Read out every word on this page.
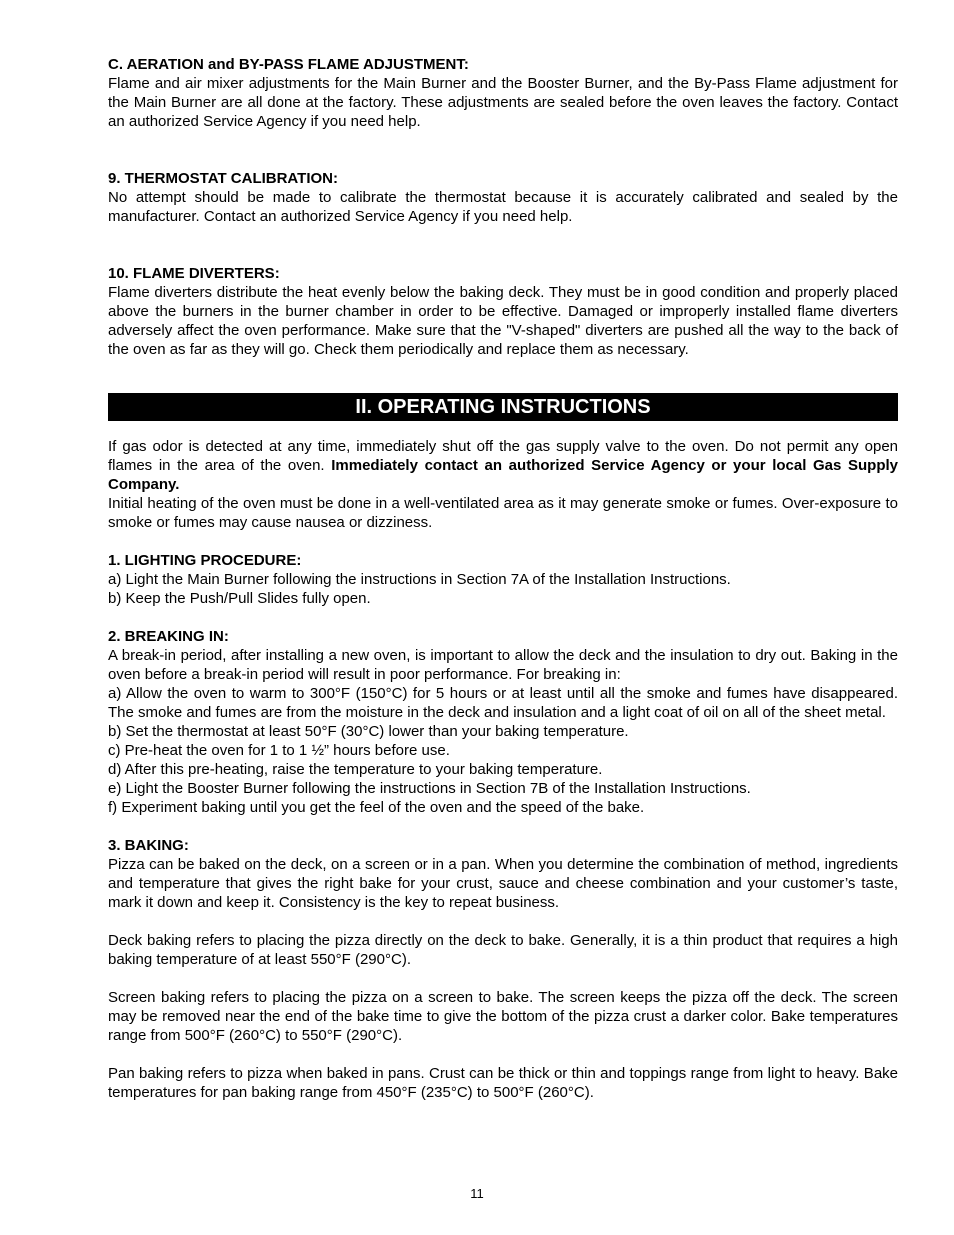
C. AERATION and BY-PASS FLAME ADJUSTMENT:

Flame and air mixer adjustments for the Main Burner and the Booster Burner, and the By-Pass Flame adjustment for the Main Burner are all done at the factory. These adjustments are sealed before the oven leaves the factory. Contact an authorized Service Agency if you need help.

9. THERMOSTAT CALIBRATION:

No attempt should be made to calibrate the thermostat because it is accurately calibrated and sealed by the manufacturer. Contact an authorized Service Agency if you need help.

10. FLAME DIVERTERS:

Flame diverters distribute the heat evenly below the baking deck. They must be in good condition and properly placed above the burners in the burner chamber in order to be effective. Damaged or improperly installed flame diverters adversely affect the oven performance. Make sure that the "V-shaped" diverters are pushed all the way to the back of the oven as far as they will go. Check them periodically and replace them as necessary.

II. OPERATING INSTRUCTIONS

If gas odor is detected at any time, immediately shut off the gas supply valve to the oven. Do not permit any open flames in the area of the oven. Immediately contact an authorized Service Agency or your local Gas Supply Company.

Initial heating of the oven must be done in a well-ventilated area as it may generate smoke or fumes. Over-exposure to smoke or fumes may cause nausea or dizziness.

1. LIGHTING PROCEDURE:

a) Light the Main Burner following the instructions in Section 7A of the Installation Instructions.

b) Keep the Push/Pull Slides fully open.

2. BREAKING IN:

A break-in period, after installing a new oven, is important to allow the deck and the insulation to dry out. Baking in the oven before a break-in period will result in poor performance. For breaking in:

a) Allow the oven to warm to 300°F (150°C) for 5 hours or at least until all the smoke and fumes have disappeared. The smoke and fumes are from the moisture in the deck and insulation and a light coat of oil on all of the sheet metal.

b) Set the thermostat at least 50°F (30°C) lower than your baking temperature.

c) Pre-heat the oven for 1 to 1 ½” hours before use.

d) After this pre-heating, raise the temperature to your baking temperature.

e) Light the Booster Burner following the instructions in Section 7B of the Installation Instructions.

f) Experiment baking until you get the feel of the oven and the speed of the bake.

3. BAKING:

Pizza can be baked on the deck, on a screen or in a pan. When you determine the combination of method, ingredients and temperature that gives the right bake for your crust, sauce and cheese combination and your customer’s taste, mark it down and keep it. Consistency is the key to repeat business.

Deck baking refers to placing the pizza directly on the deck to bake. Generally, it is a thin product that requires a high baking temperature of at least 550°F (290°C).

Screen baking refers to placing the pizza on a screen to bake. The screen keeps the pizza off the deck. The screen may be removed near the end of the bake time to give the bottom of the pizza crust a darker color. Bake temperatures range from 500°F (260°C) to 550°F (290°C).

Pan baking refers to pizza when baked in pans. Crust can be thick or thin and toppings range from light to heavy. Bake temperatures for pan baking range from 450°F (235°C) to 500°F (260°C).

11
